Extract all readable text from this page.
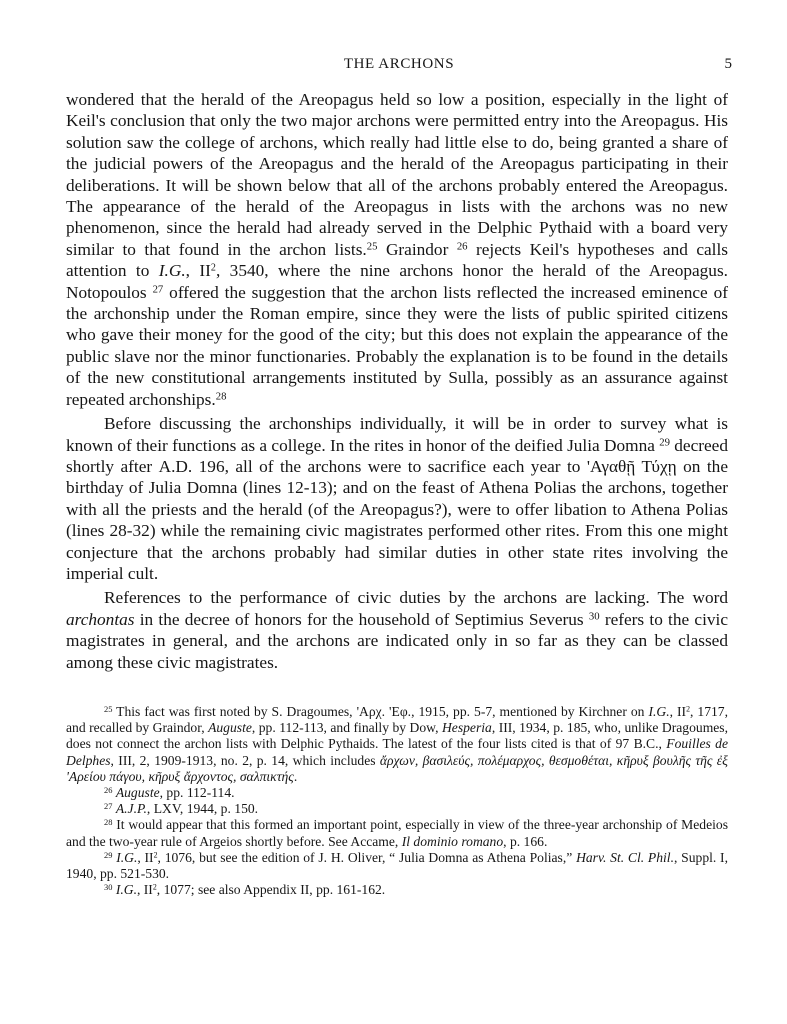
THE ARCHONS	5

wondered that the herald of the Areopagus held so low a position, especially in the light of Keil's conclusion that only the two major archons were permitted entry into the Areopagus. His solution saw the college of archons, which really had little else to do, being granted a share of the judicial powers of the Areopagus and the herald of the Areopagus participating in their deliberations. It will be shown below that all of the archons probably entered the Areopagus. The appearance of the herald of the Areopagus in lists with the archons was no new phenomenon, since the herald had already served in the Delphic Pythaid with a board very similar to that found in the archon lists.$^{25}$ Graindor $^{26}$ rejects Keil's hypotheses and calls attention to I.G., $II^2$, 3540, where the nine archons honor the herald of the Areopagus. Notopoulos $^{27}$ offered the suggestion that the archon lists reflected the increased eminence of the archonship under the Roman empire, since they were the lists of public spirited citizens who gave their money for the good of the city; but this does not explain the appearance of the public slave nor the minor functionaries. Probably the explanation is to be found in the details of the new constitutional arrangements instituted by Sulla, possibly as an assurance against repeated archonships.$^{28}$

Before discussing the archonships individually, it will be in order to survey what is known of their functions as a college. In the rites in honor of the deified Julia Domna $^{29}$ decreed shortly after A.D. 196, all of the archons were to sacrifice each year to 'Αγαθῇ Τύχῃ on the birthday of Julia Domna (lines 12-13); and on the feast of Athena Polias the archons, together with all the priests and the herald (of the Areopagus?), were to offer libation to Athena Polias (lines 28-32) while the remaining civic magistrates performed other rites. From this one might conjecture that the archons probably had similar duties in other state rites involving the imperial cult.

References to the performance of civic duties by the archons are lacking. The word archontas in the decree of honors for the household of Septimius Severus $^{30}$ refers to the civic magistrates in general, and the archons are indicated only in so far as they can be classed among these civic magistrates.

$^{25}$ This fact was first noted by S. Dragoumes, 'Αρχ. 'Εφ., 1915, pp. 5-7, mentioned by Kirchner on I.G., $II^2$, 1717, and recalled by Graindor, Auguste, pp. 112-113, and finally by Dow, Hesperia, III, 1934, p. 185, who, unlike Dragoumes, does not connect the archon lists with Delphic Pythaids. The latest of the four lists cited is that of 97 B.C., Fouilles de Delphes, III, 2, 1909-1913, no. 2, p. 14, which includes ἄρχων, βασιλεύς, πολέμαρχος, θεσμοθέται, κῆρυξ βουλῆς τῆς ἐξ 'Αρείου πάγου, κῆρυξ ἄρχοντος, σαλπικτής.

$^{26}$ Auguste, pp. 112-114.

$^{27}$ A.J.P., LXV, 1944, p. 150.

$^{28}$ It would appear that this formed an important point, especially in view of the three-year archonship of Medeios and the two-year rule of Argeios shortly before. See Accame, Il dominio romano, p. 166.

$^{29}$ I.G., $II^2$, 1076, but see the edition of J. H. Oliver, “ Julia Domna as Athena Polias,” Harv. St. Cl. Phil., Suppl. I, 1940, pp. 521-530.

$^{30}$ I.G., $II^2$, 1077; see also Appendix II, pp. 161-162.
